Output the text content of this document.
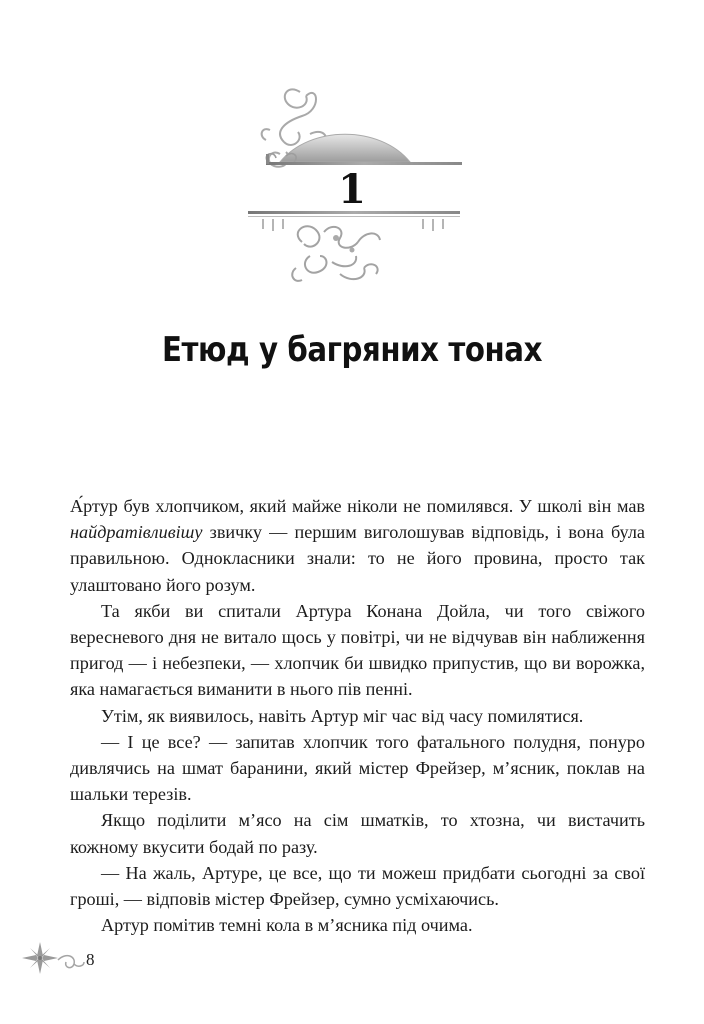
1
Етюд у багряних тонах

А́ртур був хлопчиком, який майже ніколи не помилявся. У школі він мав найдратівливішу звичку — першим виголошував відповідь, і вона була правильною. Однокласники знали: то не його провина, просто так улаштовано його розум.

Та якби ви спитали Артура Конана Дойла, чи того свіжого вересневого дня не витало щось у повітрі, чи не відчував він наближення пригод — і небезпеки, — хлопчик би швидко припустив, що ви ворожка, яка намагається виманити в нього пів пенні.

Утім, як виявилось, навіть Артур міг час від часу помилятися.

— І це все? — запитав хлопчик того фатального полудня, понуро дивлячись на шмат баранини, який містер Фрейзер, м’ясник, поклав на шальки терезів.

Якщо поділити м’ясо на сім шматків, то хтозна, чи вистачить кожному вкусити бодай по разу.

— На жаль, Артуре, це все, що ти можеш придбати сьогодні за свої гроші, — відповів містер Фрейзер, сумно усміхаючись.

Артур помітив темні кола в м’ясника під очима.

8
